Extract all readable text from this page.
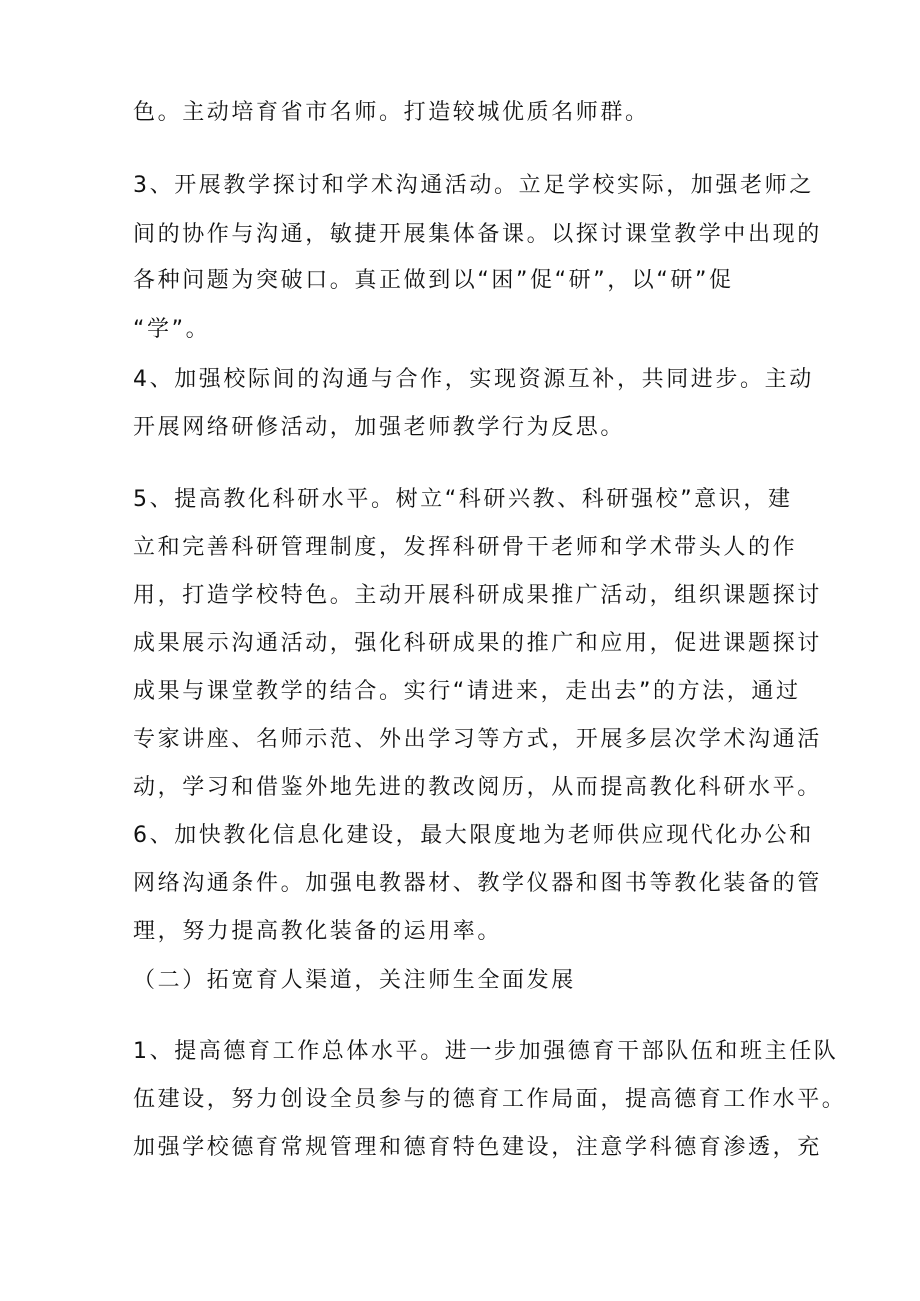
色。主动培育省市名师。打造较城优质名师群。
3、开展教学探讨和学术沟通活动。立足学校实际，加强老师之
间的协作与沟通，敏捷开展集体备课。以探讨课堂教学中出现的
各种问题为突破口。真正做到以“困”促“研”，以“研”促
“学”。
4、加强校际间的沟通与合作，实现资源互补，共同进步。主动
开展网络研修活动，加强老师教学行为反思。
5、提高教化科研水平。树立“科研兴教、科研强校”意识，建
立和完善科研管理制度，发挥科研骨干老师和学术带头人的作
用，打造学校特色。主动开展科研成果推广活动，组织课题探讨
成果展示沟通活动，强化科研成果的推广和应用，促进课题探讨
成果与课堂教学的结合。实行“请进来，走出去”的方法，通过
专家讲座、名师示范、外出学习等方式，开展多层次学术沟通活
动，学习和借鉴外地先进的教改阅历，从而提高教化科研水平。
6、加快教化信息化建设，最大限度地为老师供应现代化办公和
网络沟通条件。加强电教器材、教学仪器和图书等教化装备的管
理，努力提高教化装备的运用率。
（二）拓宽育人渠道，关注师生全面发展
1、提高德育工作总体水平。进一步加强德育干部队伍和班主任队
伍建设，努力创设全员参与的德育工作局面，提高德育工作水平。
加强学校德育常规管理和德育特色建设，注意学科德育渗透，充
